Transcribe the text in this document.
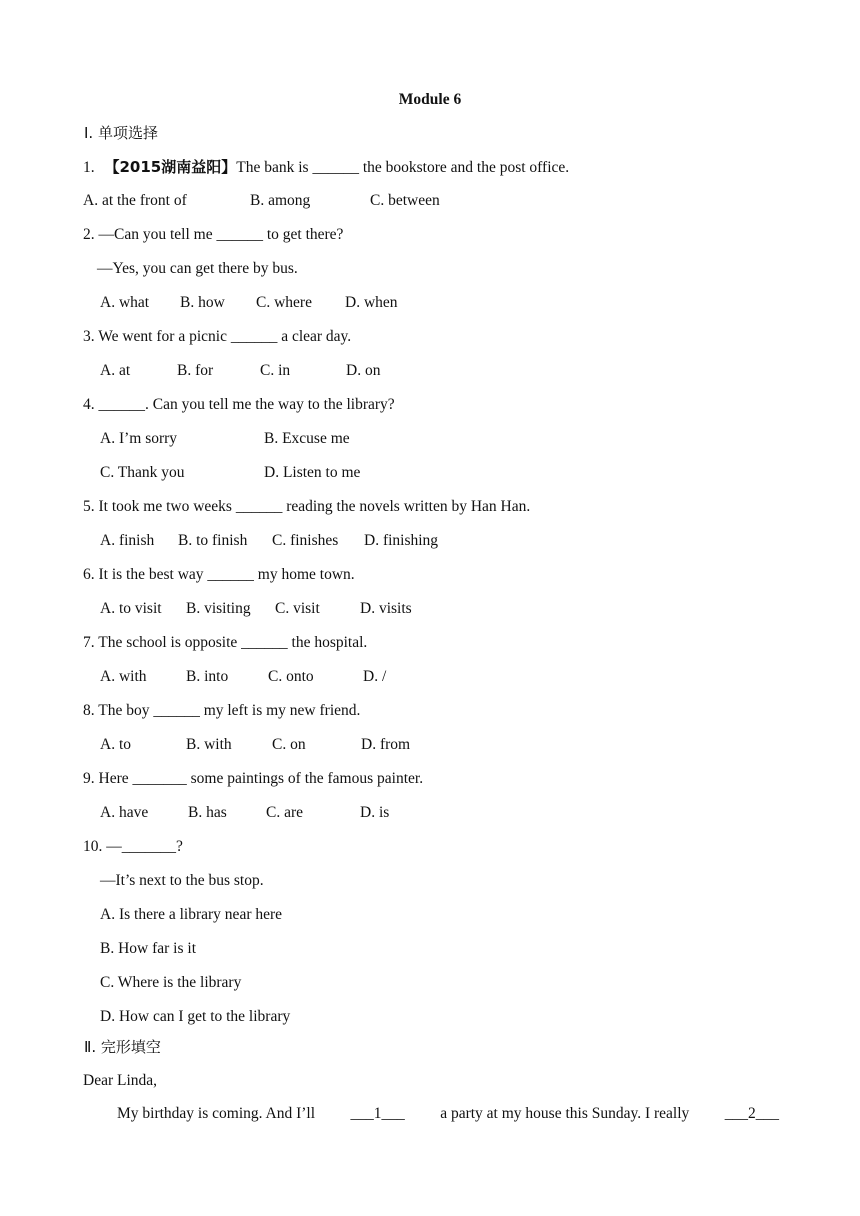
Module 6
Ⅰ. 单项选择
1. 【2015湖南益阳】The bank is ______ the bookstore and the post office.
A. at the front of	B. among	C. between
2. —Can you tell me ______ to get there?
—Yes, you can get there by bus.
A. what B. how C. where D. when
3. We went for a picnic ______ a clear day.
A. at	B. for	C. in	D. on
4. ______. Can you tell me the way to the library?
A. I’m sorry	B. Excuse me
C. Thank you	D. Listen to me
5. It took me two weeks ______ reading the novels written by Han Han.
A. finish B. to finish C. finishes D. finishing
6. It is the best way ______ my home town.
A. to visit B. visiting C. visit	D. visits
7. The school is opposite ______ the hospital.
A. with	B. into	C. onto	D. /
8. The boy ______ my left is my new friend.
A. to	B. with	C. on	D. from
9. Here _______ some paintings of the famous painter.
A. have	B. has	C. are	D. is
10. —_______?
—It’s next to the bus stop.
A. Is there a library near here
B. How far is it
C. Where is the library
D. How can I get to the library
Ⅱ. 完形填空
Dear Linda,
My birthday is coming. And I’ll ___1___ a party at my house this Sunday. I really ___2___
